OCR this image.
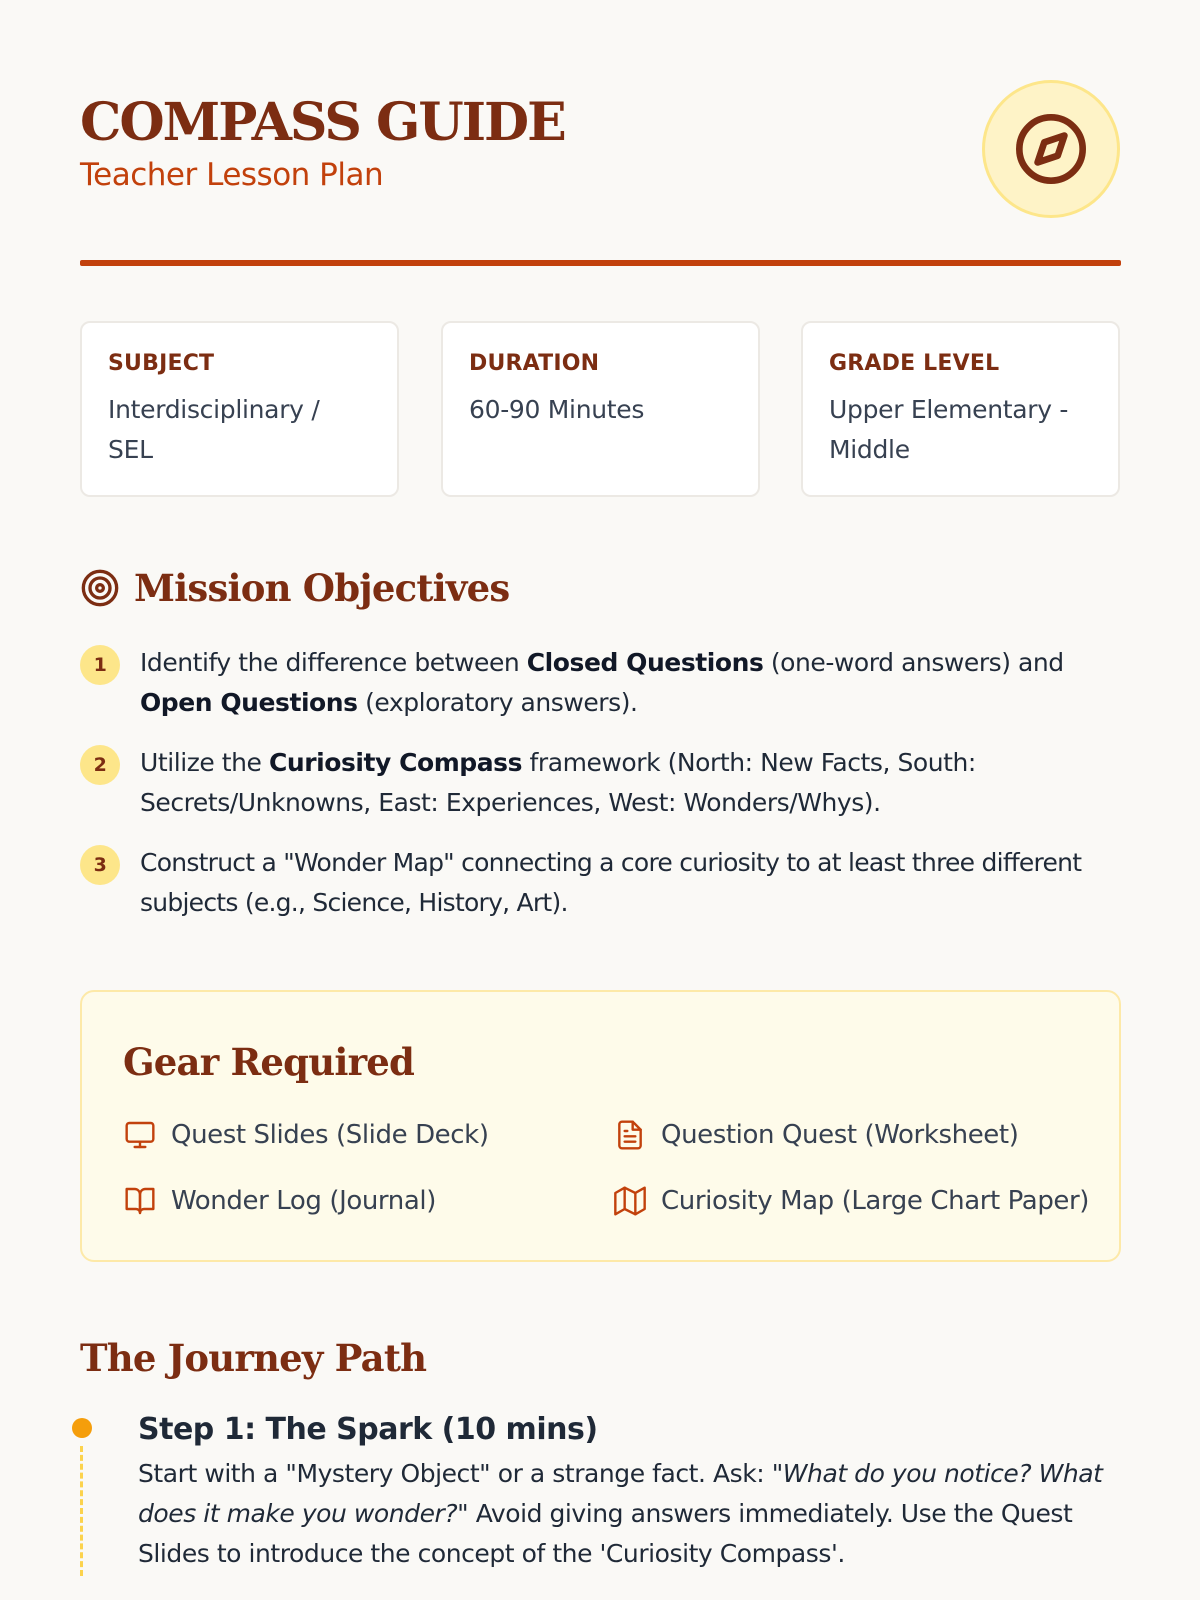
COMPASS GUIDE
Teacher Lesson Plan
SUBJECT
Interdisciplinary / SEL
DURATION
60-90 Minutes
GRADE LEVEL
Upper Elementary - Middle
Mission Objectives
1	Identify the difference between Closed Questions (one-word answers) and
Open Questions (exploratory answers).
2	Utilize the Curiosity Compass framework (North: New Facts, South: Secrets/Unknowns, East: Experiences, West: Wonders/Whys).
3	Construct a "Wonder Map" connecting a core curiosity to at least three different subjects (e.g., Science, History, Art).
Gear Required
Quest Slides (Slide Deck)	Question Quest (Worksheet)
Wonder Log (Journal)	Curiosity Map (Large Chart Paper)
The Journey Path
Step 1: The Spark (10 mins)
Start with a "Mystery Object" or a strange fact. Ask: "What do you notice? What does it make you wonder?" Avoid giving answers immediately. Use the Quest Slides to introduce the concept of the 'Curiosity Compass'.
